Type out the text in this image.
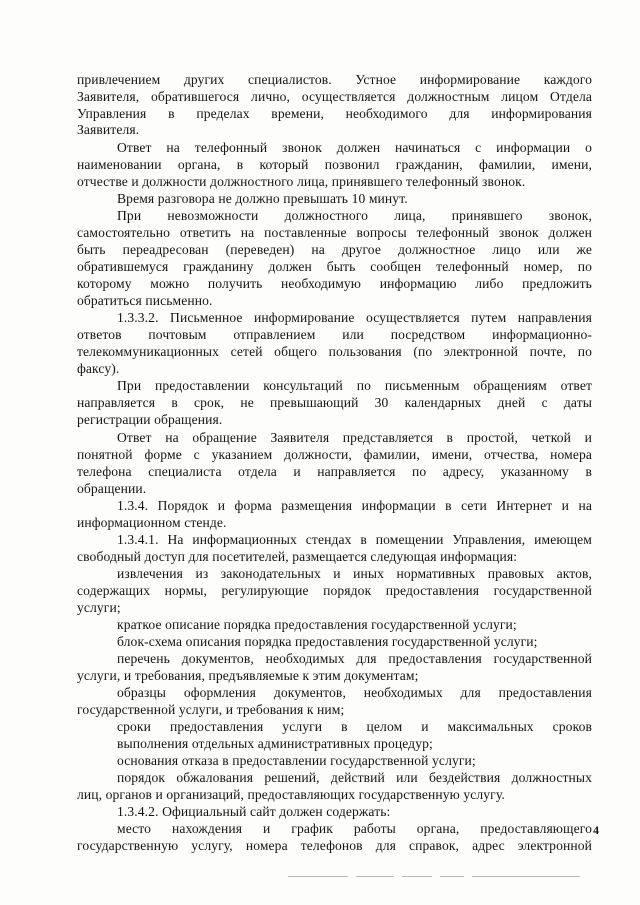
привлечением других специалистов. Устное информирование каждого
Заявителя, обратившегося лично, осуществляется должностным лицом Отдела
Управления в пределах времени, необходимого для информирования
Заявителя.
Ответ на телефонный звонок должен начинаться с информации о
наименовании органа, в который позвонил гражданин, фамилии, имени,
отчестве и должности должностного лица, принявшего телефонный звонок.
Время разговора не должно превышать 10 минут.
При невозможности должностного лица, принявшего звонок,
самостоятельно ответить на поставленные вопросы телефонный звонок должен
быть переадресован (переведен) на другое должностное лицо или же
обратившемуся гражданину должен быть сообщен телефонный номер, по
которому можно получить необходимую информацию либо предложить
обратиться письменно.
1.3.3.2. Письменное информирование осуществляется путем направления
ответов почтовым отправлением или посредством информационно-
телекоммуникационных сетей общего пользования (по электронной почте, по
факсу).
При предоставлении консультаций по письменным обращениям ответ
направляется в срок, не превышающий 30 календарных дней с даты
регистрации обращения.
Ответ на обращение Заявителя представляется в простой, четкой и
понятной форме с указанием должности, фамилии, имени, отчества, номера
телефона специалиста отдела и направляется по адресу, указанному в
обращении.
1.3.4. Порядок и форма размещения информации в сети Интернет и на
информационном стенде.
1.3.4.1. На информационных стендах в помещении Управления, имеющем
свободный доступ для посетителей, размещается следующая информация:
извлечения из законодательных и иных нормативных правовых актов,
содержащих нормы, регулирующие порядок предоставления государственной
услуги;
краткое описание порядка предоставления государственной услуги;
блок-схема описания порядка предоставления государственной услуги;
перечень документов, необходимых для предоставления государственной
услуги, и требования, предъявляемые к этим документам;
образцы оформления документов, необходимых для предоставления
государственной услуги, и требования к ним;
сроки предоставления услуги в целом и максимальных сроков
выполнения отдельных административных процедур;
основания отказа в предоставлении государственной услуги;
порядок обжалования решений, действий или бездействия должностных
лиц, органов и организаций, предоставляющих государственную услугу.
1.3.4.2. Официальный сайт должен содержать:
место нахождения и график работы органа, предоставляющего
государственную услугу, номера телефонов для справок, адрес электронной
4
